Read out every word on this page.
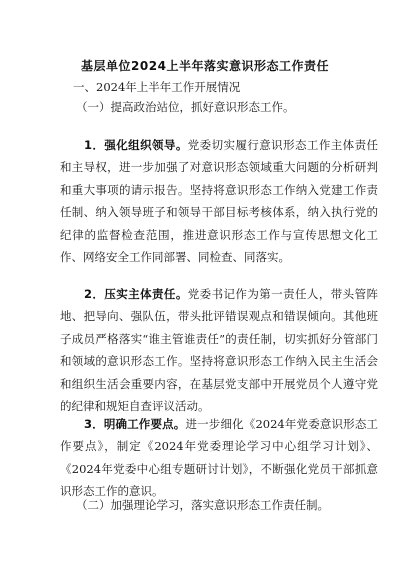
基层单位2024上半年落实意识形态工作责任
一、2024年上半年工作开展情况
（一）提高政治站位，抓好意识形态工作。

1．强化组织领导。党委切实履行意识形态工作主体责任和主导权，进一步加强了对意识形态领域重大问题的分析研判和重大事项的请示报告。坚持将意识形态工作纳入党建工作责任制、纳入领导班子和领导干部目标考核体系，纳入执行党的纪律的监督检查范围，推进意识形态工作与宣传思想文化工作、网络安全工作同部署、同检查、同落实。

2．压实主体责任。党委书记作为第一责任人，带头管阵地、把导向、强队伍，带头批评错误观点和错误倾向。其他班子成员严格落实“谁主管谁责任”的责任制，切实抓好分管部门和领域的意识形态工作。坚持将意识形态工作纳入民主生活会和组织生活会重要内容，在基层党支部中开展党员个人遵守党的纪律和规矩自查评议活动。

3．明确工作要点。进一步细化《2024年党委意识形态工作要点》，制定《2024年党委理论学习中心组学习计划》、《2024年党委中心组专题研讨计划》，不断强化党员干部抓意识形态工作的意识。

（二）加强理论学习，落实意识形态工作责任制。
